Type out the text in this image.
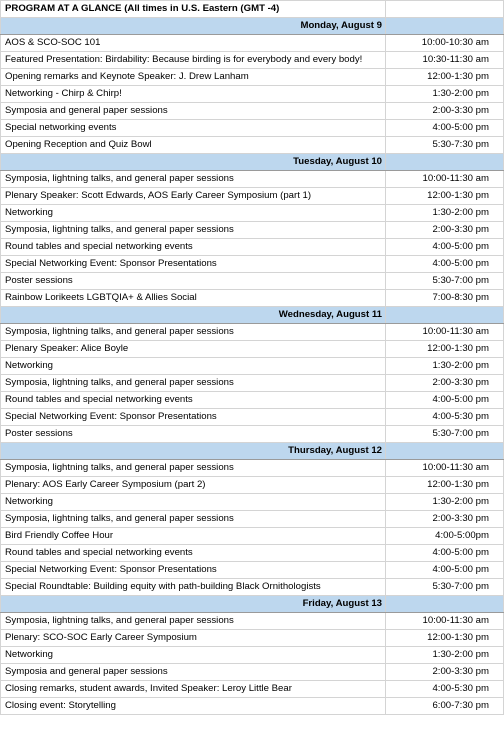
PROGRAM AT A GLANCE (All times in U.S. Eastern (GMT -4)	
Monday, August 9	
AOS & SCO-SOC 101	10:00-10:30 am
Featured Presentation: Birdability: Because birding is for everybody and every body!	10:30-11:30 am
Opening remarks and Keynote Speaker: J. Drew Lanham	12:00-1:30 pm
Networking - Chirp & Chirp!	1:30-2:00 pm
Symposia and general paper sessions	2:00-3:30 pm
Special networking events	4:00-5:00 pm
Opening Reception and Quiz Bowl	5:30-7:30 pm
Tuesday, August 10	
Symposia, lightning talks, and general paper sessions	10:00-11:30 am
Plenary Speaker: Scott Edwards, AOS Early Career Symposium (part 1)	12:00-1:30 pm
Networking	1:30-2:00 pm
Symposia, lightning talks, and general paper sessions	2:00-3:30 pm
Round tables and special networking events	4:00-5:00 pm
Special Networking Event: Sponsor Presentations	4:00-5:00 pm
Poster sessions	5:30-7:00 pm
Rainbow Lorikeets LGBTQIA+ & Allies Social	7:00-8:30 pm
Wednesday, August 11	
Symposia, lightning talks, and general paper sessions	10:00-11:30 am
Plenary Speaker: Alice Boyle	12:00-1:30 pm
Networking	1:30-2:00 pm
Symposia, lightning talks, and general paper sessions	2:00-3:30 pm
Round tables and special networking events	4:00-5:00 pm
Special Networking Event: Sponsor Presentations	4:00-5:30 pm
Poster sessions	5:30-7:00 pm
Thursday, August 12	
Symposia, lightning talks, and general paper sessions	10:00-11:30 am
Plenary: AOS Early Career Symposium (part 2)	12:00-1:30 pm
Networking	1:30-2:00 pm
Symposia, lightning talks, and general paper sessions	2:00-3:30 pm
Bird Friendly Coffee Hour	4:00-5:00pm
Round tables and special networking events	4:00-5:00 pm
Special Networking Event: Sponsor Presentations	4:00-5:00 pm
Special Roundtable: Building equity with path-building Black Ornithologists	5:30-7:00 pm
Friday, August 13	
Symposia, lightning talks, and general paper sessions	10:00-11:30 am
Plenary: SCO-SOC Early Career Symposium	12:00-1:30 pm
Networking	1:30-2:00 pm
Symposia and general paper sessions	2:00-3:30 pm
Closing remarks, student awards, Invited Speaker: Leroy Little Bear	4:00-5:30 pm
Closing event: Storytelling	6:00-7:30 pm
